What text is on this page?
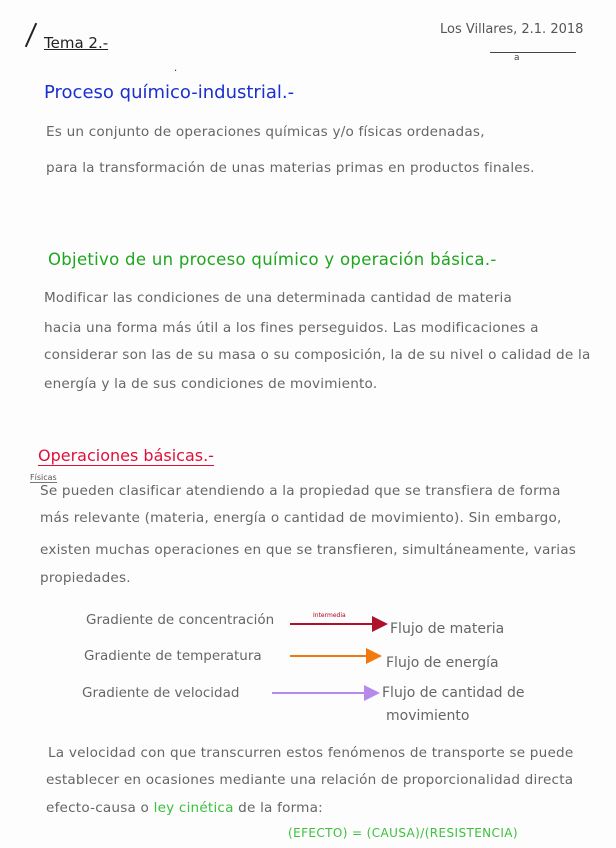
Tema 2.-
Los Villares, 2.1. 2018
a
·
Proceso químico-industrial.-
Es un conjunto de operaciones químicas y/o físicas ordenadas,
para la transformación de unas materias primas en productos finales.
Objetivo de un proceso químico y operación básica.-
Modificar las condiciones de una determinada cantidad de materia
hacia una forma más útil a los fines perseguidos. Las modificaciones a
considerar son las de su masa o su composición, la de su nivel o calidad de la
energía y la de sus condiciones de movimiento.
Operaciones básicas.-
Físicas
Se pueden clasificar atendiendo a la propiedad que se transfiera de forma
más relevante (materia, energía o cantidad de movimiento). Sin embargo,
existen muchas operaciones en que se transfieren, simultáneamente, varias
propiedades.
Intermedia
Gradiente de concentración
Flujo de materia
Gradiente de temperatura	Flujo de energía
Gradiente de velocidad	Flujo de cantidad de
movimiento
La velocidad con que transcurren estos fenómenos de transporte se puede
establecer en ocasiones mediante una relación de proporcionalidad directa
efecto-causa o ley cinética de la forma:
(EFECTO) = (CAUSA)/(RESISTENCIA)
